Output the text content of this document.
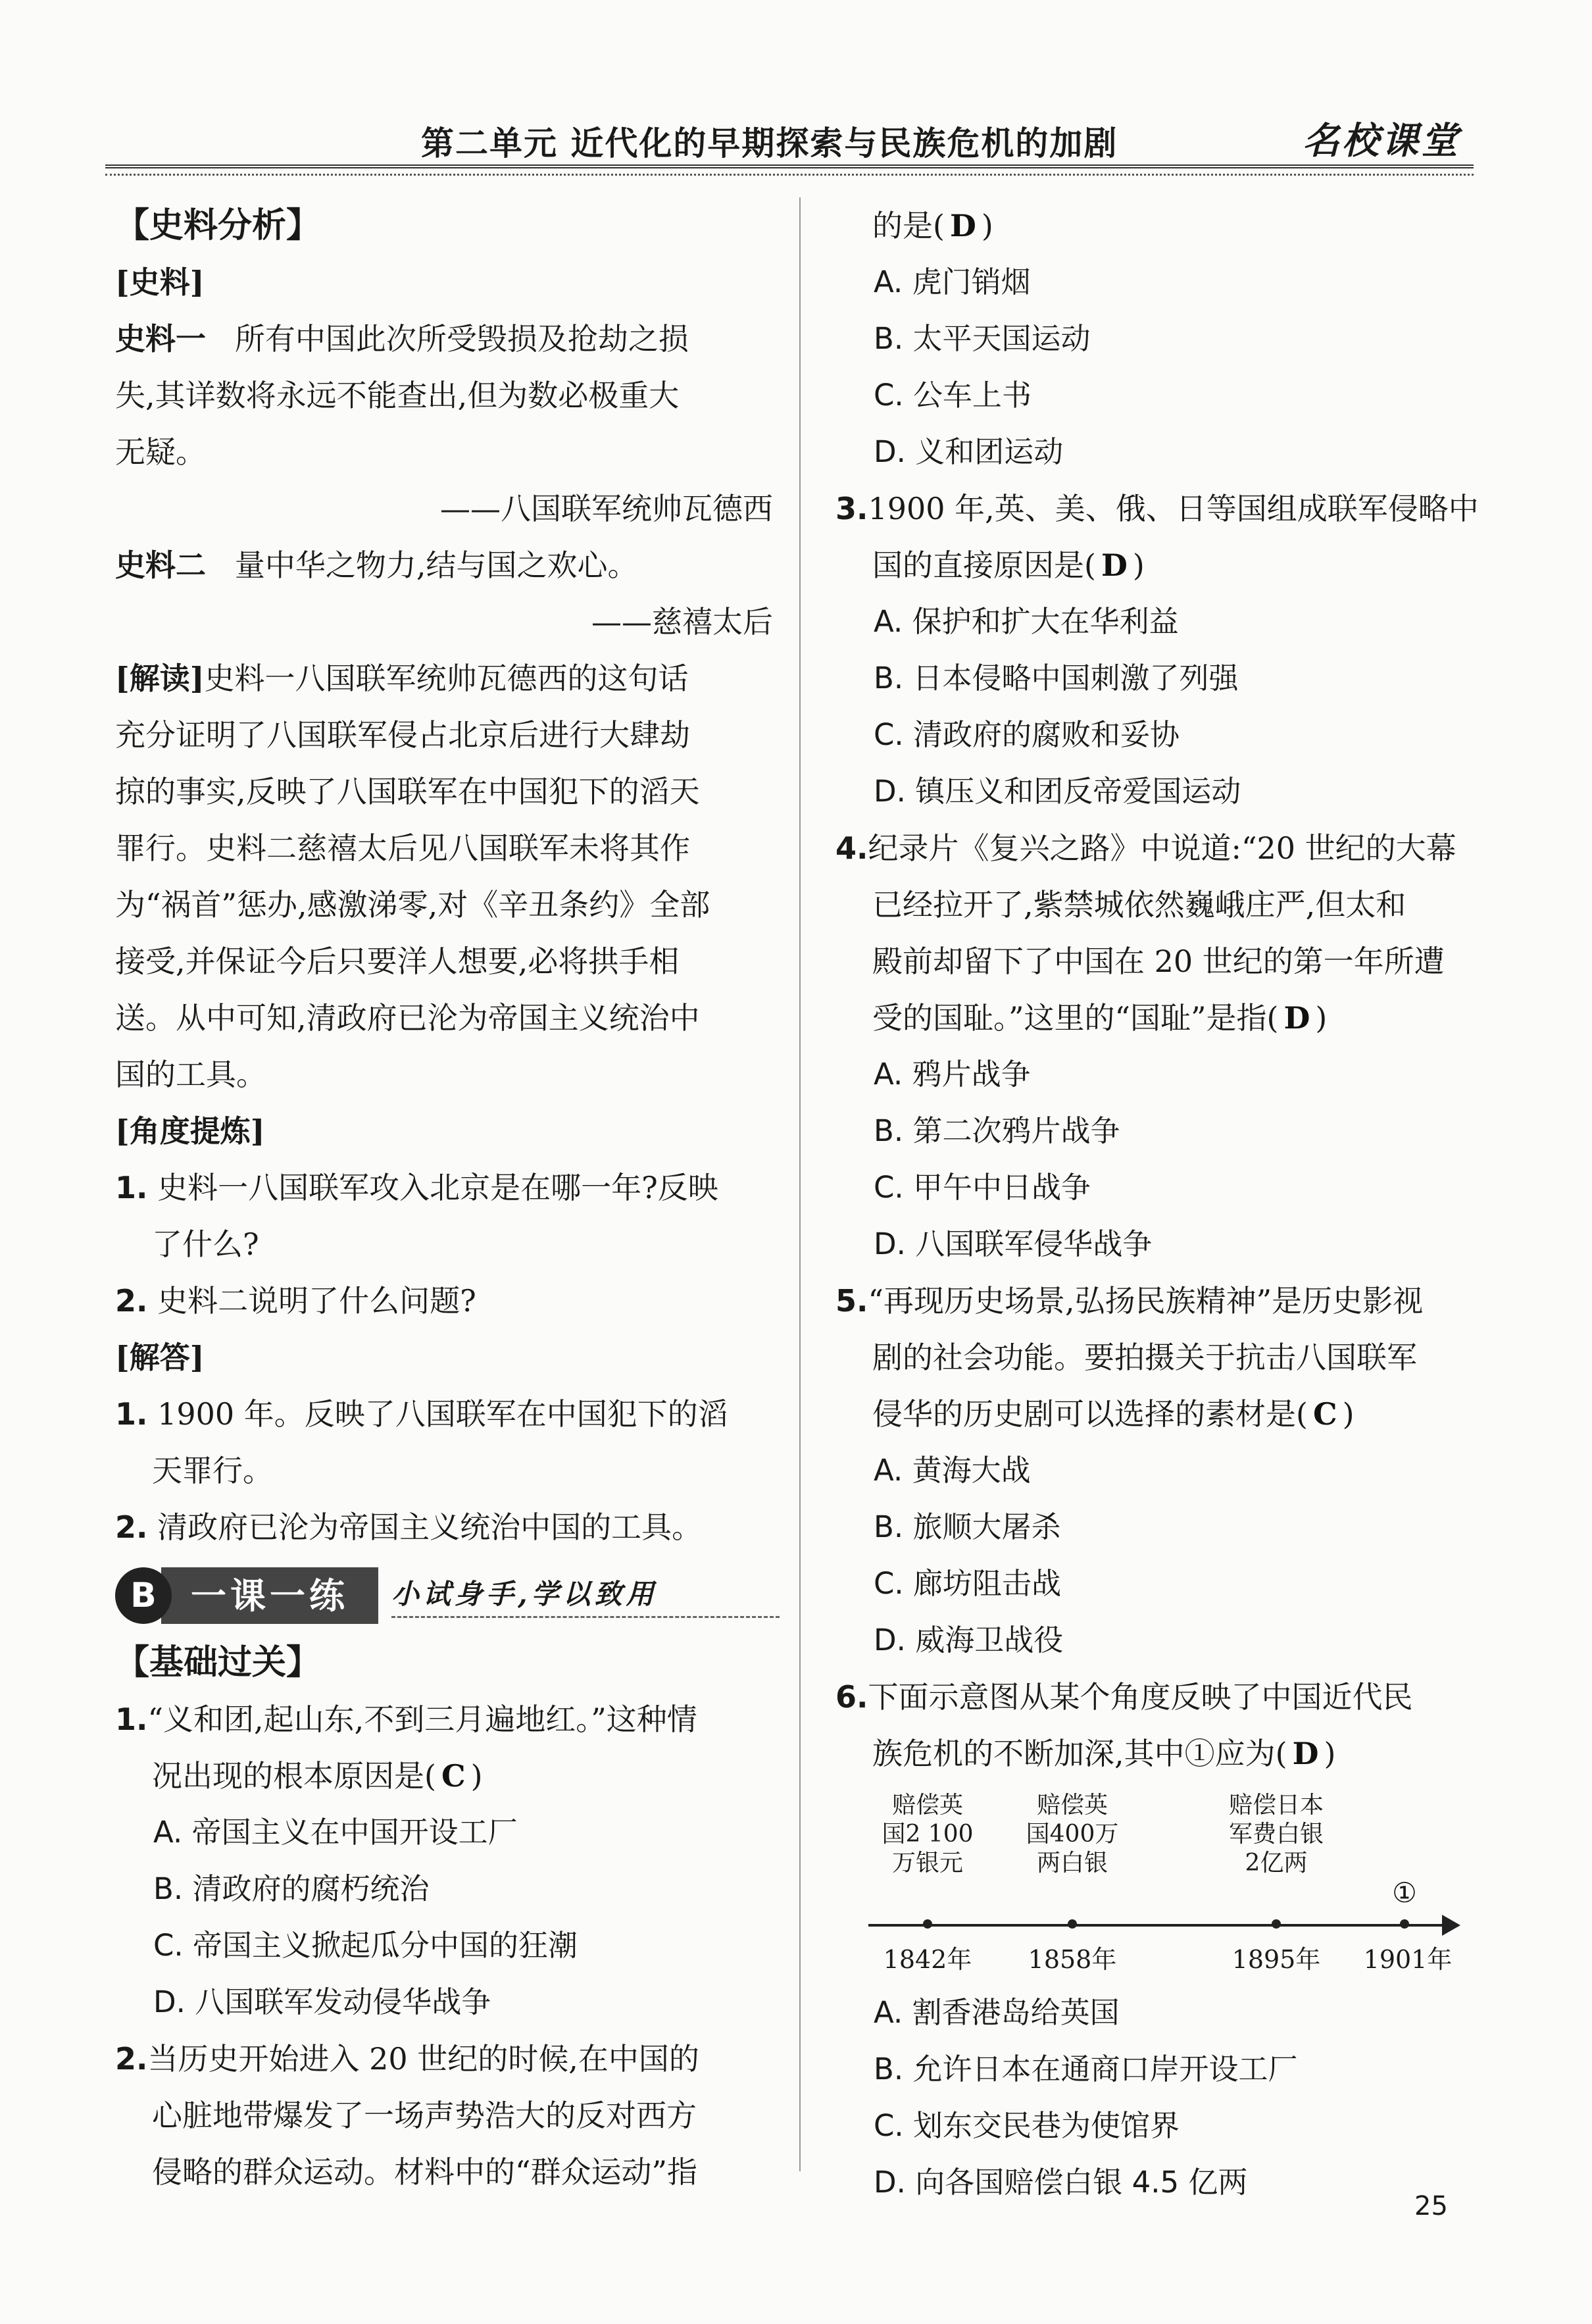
第二单元 近代化的早期探索与民族危机的加剧	名校课堂
【史料分析】
[史料]
史料一 所有中国此次所受毁损及抢劫之损
失,其详数将永远不能查出,但为数必极重大
无疑。
——八国联军统帅瓦德西
史料二 量中华之物力,结与国之欢心。
——慈禧太后
[解读]史料一八国联军统帅瓦德西的这句话
充分证明了八国联军侵占北京后进行大肆劫
掠的事实,反映了八国联军在中国犯下的滔天
罪行。史料二慈禧太后见八国联军未将其作
为“祸首”惩办,感激涕零,对《辛丑条约》全部
接受,并保证今后只要洋人想要,必将拱手相
送。从中可知,清政府已沦为帝国主义统治中
国的工具。
[角度提炼]
1. 史料一八国联军攻入北京是在哪一年?反映
了什么?
2. 史料二说明了什么问题?
[解答]
1. 1900 年。反映了八国联军在中国犯下的滔
天罪行。
2. 清政府已沦为帝国主义统治中国的工具。
一课一练
B	小试身手,学以致用
【基础过关】
1.“义和团,起山东,不到三月遍地红。”这种情
况出现的根本原因是( C )
A. 帝国主义在中国开设工厂
B. 清政府的腐朽统治
C. 帝国主义掀起瓜分中国的狂潮
D. 八国联军发动侵华战争
2.当历史开始进入 20 世纪的时候,在中国的
心脏地带爆发了一场声势浩大的反对西方
侵略的群众运动。材料中的“群众运动”指
的是( D )
A. 虎门销烟
B. 太平天国运动
C. 公车上书
D. 义和团运动
3.1900 年,英、美、俄、日等国组成联军侵略中
国的直接原因是( D )
A. 保护和扩大在华利益
B. 日本侵略中国刺激了列强
C. 清政府的腐败和妥协
D. 镇压义和团反帝爱国运动
4.纪录片《复兴之路》中说道:“20 世纪的大幕
已经拉开了,紫禁城依然巍峨庄严,但太和
殿前却留下了中国在 20 世纪的第一年所遭
受的国耻。”这里的“国耻”是指( D )
A. 鸦片战争
B. 第二次鸦片战争
C. 甲午中日战争
D. 八国联军侵华战争
5.“再现历史场景,弘扬民族精神”是历史影视
剧的社会功能。要拍摄关于抗击八国联军
侵华的历史剧可以选择的素材是( C )
A. 黄海大战
B. 旅顺大屠杀
C. 廊坊阻击战
D. 威海卫战役
6.下面示意图从某个角度反映了中国近代民
族危机的不断加深,其中①应为( D )
赔偿英
国2 100
万银元
赔偿英
国400万
两白银
赔偿日本
军费白银
2亿两
①
1842年	1858年	1895年	1901年
A. 割香港岛给英国
B. 允许日本在通商口岸开设工厂
C. 划东交民巷为使馆界
D. 向各国赔偿白银 4.5 亿两
25
